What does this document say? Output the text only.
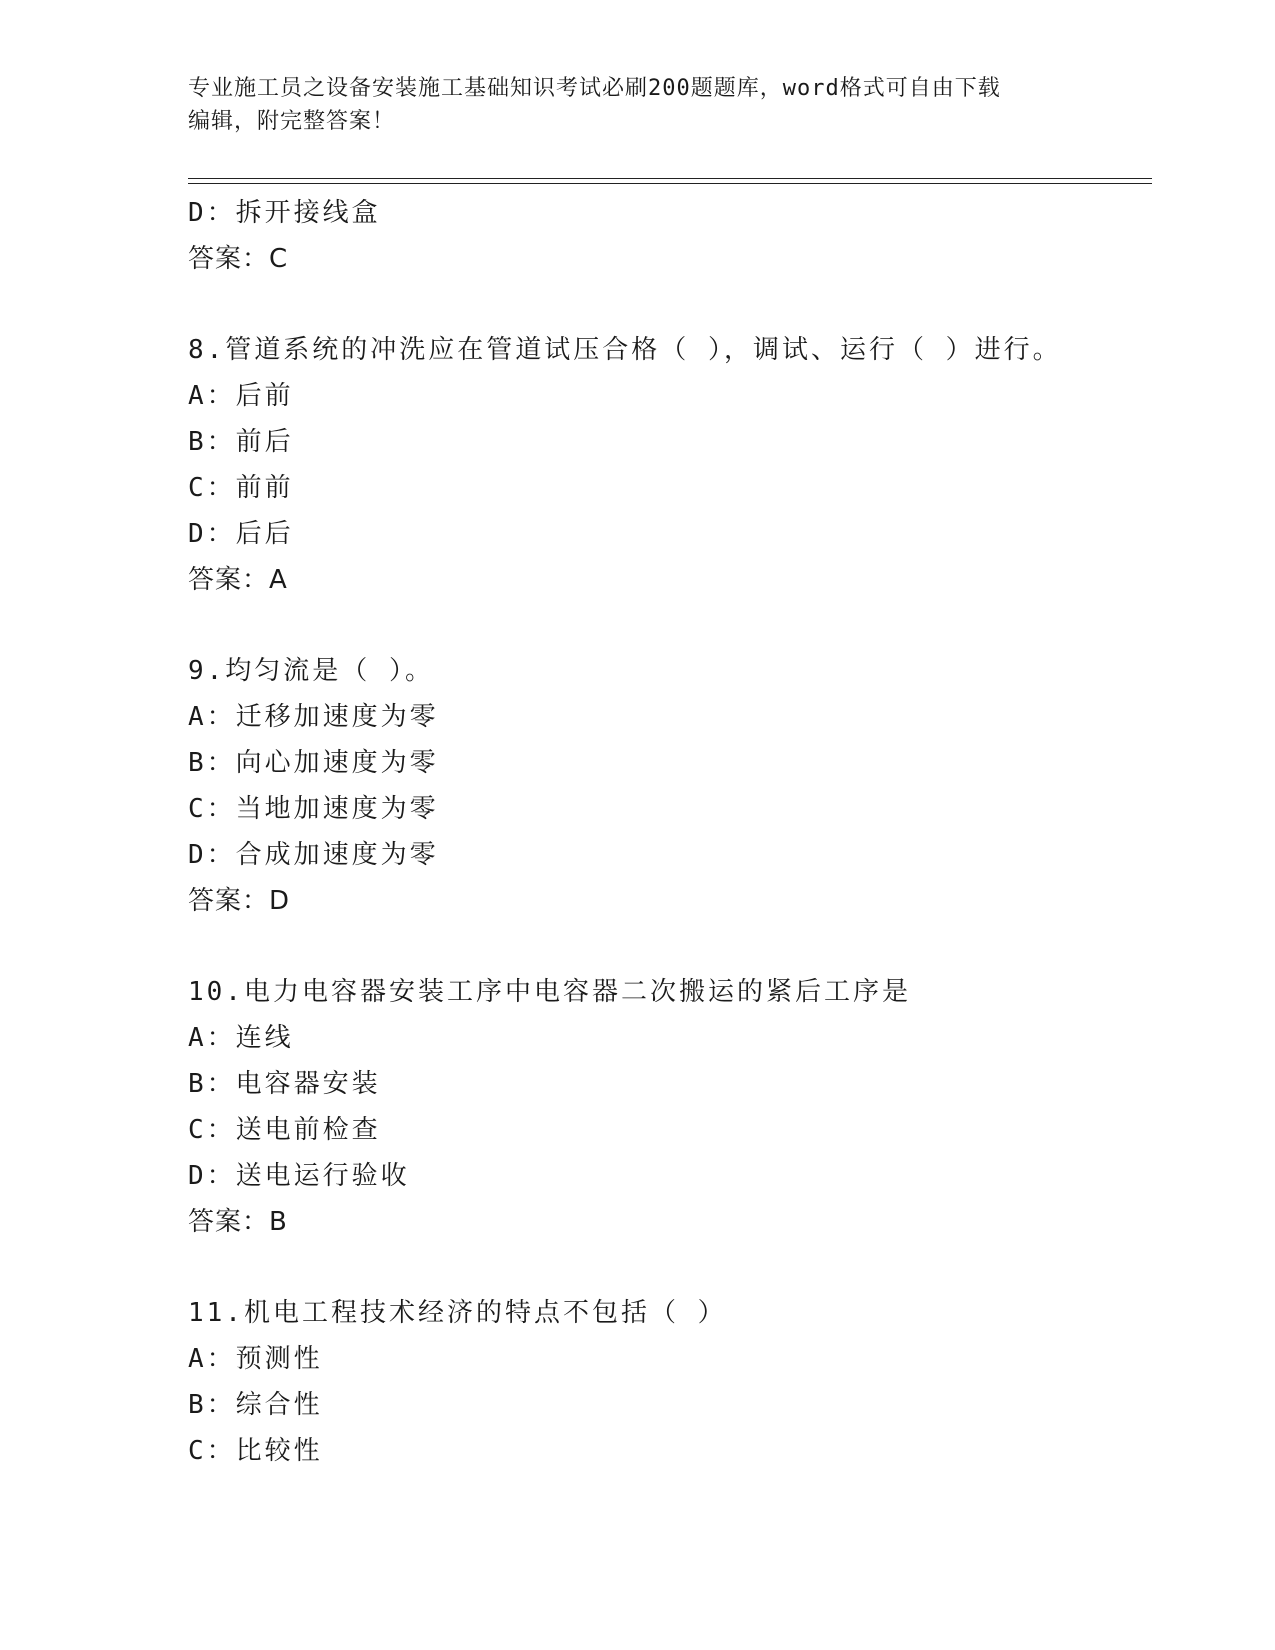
专业施工员之设备安装施工基础知识考试必刷200题题库，word格式可自由下载
编辑，附完整答案！
D：拆开接线盒
答案：C
8.管道系统的冲洗应在管道试压合格（ ），调试、运行（ ）进行。
A：后前
B：前后
C：前前
D：后后
答案：A
9.均匀流是（ ）。
A：迁移加速度为零
B：向心加速度为零
C：当地加速度为零
D：合成加速度为零
答案：D
10.电力电容器安装工序中电容器二次搬运的紧后工序是
A：连线
B：电容器安装
C：送电前检查
D：送电运行验收
答案：B
11.机电工程技术经济的特点不包括（ ）
A：预测性
B：综合性
C：比较性
